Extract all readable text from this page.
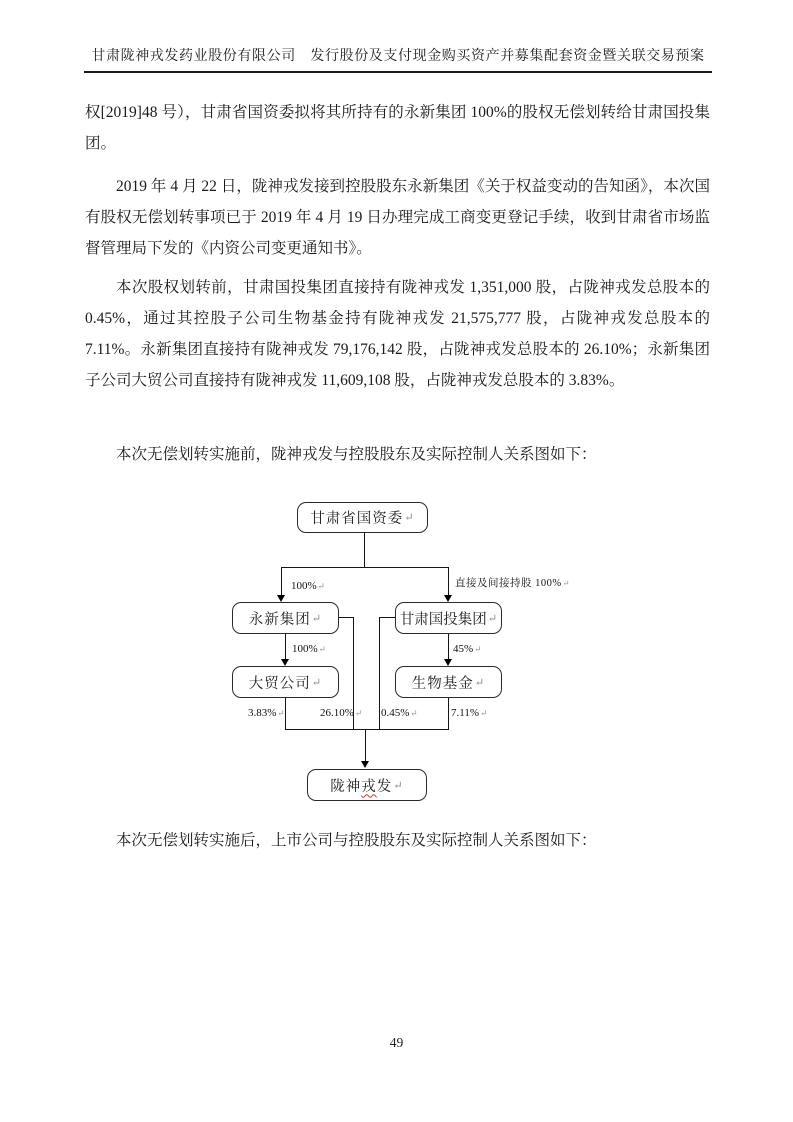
甘肃陇神戎发药业股份有限公司　发行股份及支付现金购买资产并募集配套资金暨关联交易预案

权[2019]48 号），甘肃省国资委拟将其所持有的永新集团 100%的股权无偿划转给甘肃国投集团。

2019 年 4 月 22 日，陇神戎发接到控股股东永新集团《关于权益变动的告知函》，本次国有股权无偿划转事项已于 2019 年 4 月 19 日办理完成工商变更登记手续，收到甘肃省市场监督管理局下发的《内资公司变更通知书》。

本次股权划转前，甘肃国投集团直接持有陇神戎发 1,351,000 股，占陇神戎发总股本的 0.45%，通过其控股子公司生物基金持有陇神戎发 21,575,777 股，占陇神戎发总股本的 7.11%。永新集团直接持有陇神戎发 79,176,142 股，占陇神戎发总股本的 26.10%；永新集团子公司大贸公司直接持有陇神戎发 11,609,108 股，占陇神戎发总股本的 3.83%。

本次无偿划转实施前，陇神戎发与控股股东及实际控制人关系图如下：

本次无偿划转实施后，上市公司与控股股东及实际控制人关系图如下：

甘肃省国资委 ↵
永新集团 ↵	甘肃国投集团 ↵
大贸公司 ↵	生物基金 ↵
陇神 戎 发 ↵
100%↵	直接及间接持股 100%↵
100%↵	45%↵
3.83%↵	26.10%↵ 0.45%↵	7.11%↵
49
